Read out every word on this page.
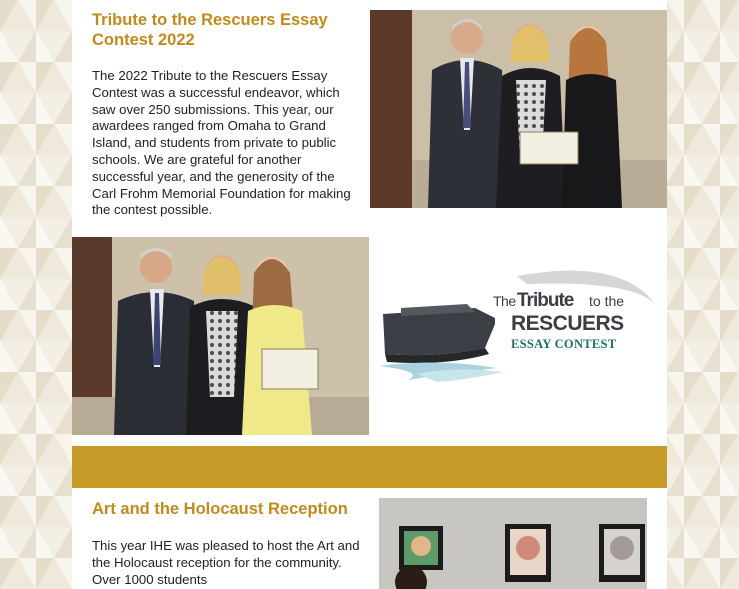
Tribute to the Rescuers Essay Contest 2022

The 2022 Tribute to the Rescuers Essay Contest was a successful endeavor, which saw over 250 submissions. This year, our awardees ranged from Omaha to Grand Island, and students from private to public schools. We are grateful for another successful year, and the generosity of the Carl Frohm Memorial Foundation for making the contest possible.

The Tribute to the
RESCUERS
ESSAY CONTEST
Art and the Holocaust Reception

This year IHE was pleased to host the Art and the Holocaust reception for the community. Over 1000 students
